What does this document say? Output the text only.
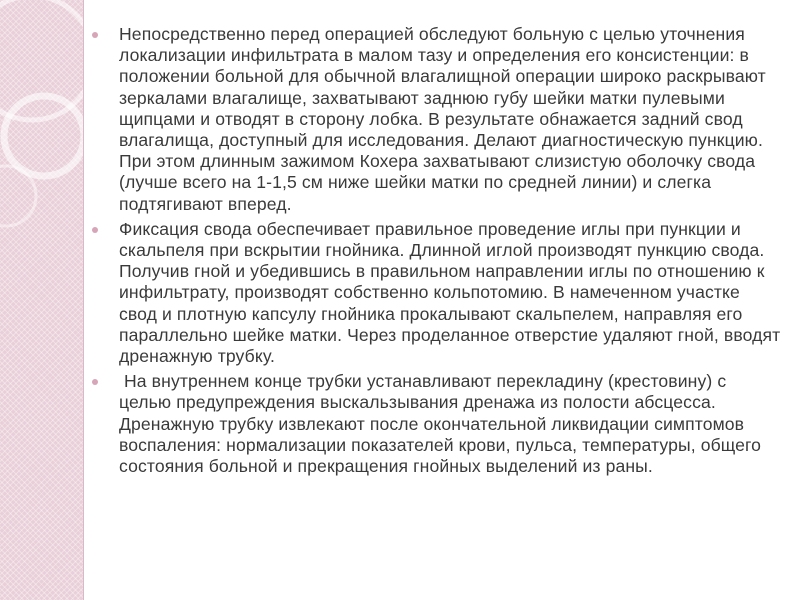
Непосредственно перед операцией обследуют больную с целью уточнения локализации инфильтрата в малом тазу и определения его консистенции: в положении больной для обычной влагалищной операции широко раскрывают зеркалами влагалище, захватывают заднюю губу шейки матки пулевыми щипцами и отводят в сторону лобка. В результате обнажается задний свод влагалища, доступный для исследования. Делают диагностическую пункцию. При этом длинным зажимом Кохера захватывают слизистую оболочку свода (лучше всего на 1-1,5 см ниже шейки матки по средней линии) и слегка подтягивают вперед.
Фиксация свода обеспечивает правильное проведение иглы при пункции и скальпеля при вскрытии гнойника. Длинной иглой производят пункцию свода. Получив гной и убедившись в правильном направлении иглы по отношению к инфильтрату, производят собственно кольпотомию. В намеченном участке свод и плотную капсулу гнойника прокалывают скальпелем, направляя его параллельно шейке матки. Через проделанное отверстие удаляют гной, вводят дренажную трубку.
На внутреннем конце трубки устанавливают перекладину (крестовину) с целью предупреждения выскальзывания дренажа из полости абсцесса. Дренажную трубку извлекают после окончательной ликвидации симптомов воспаления: нормализации показателей крови, пульса, температуры, общего состояния больной и прекращения гнойных выделений из раны.
